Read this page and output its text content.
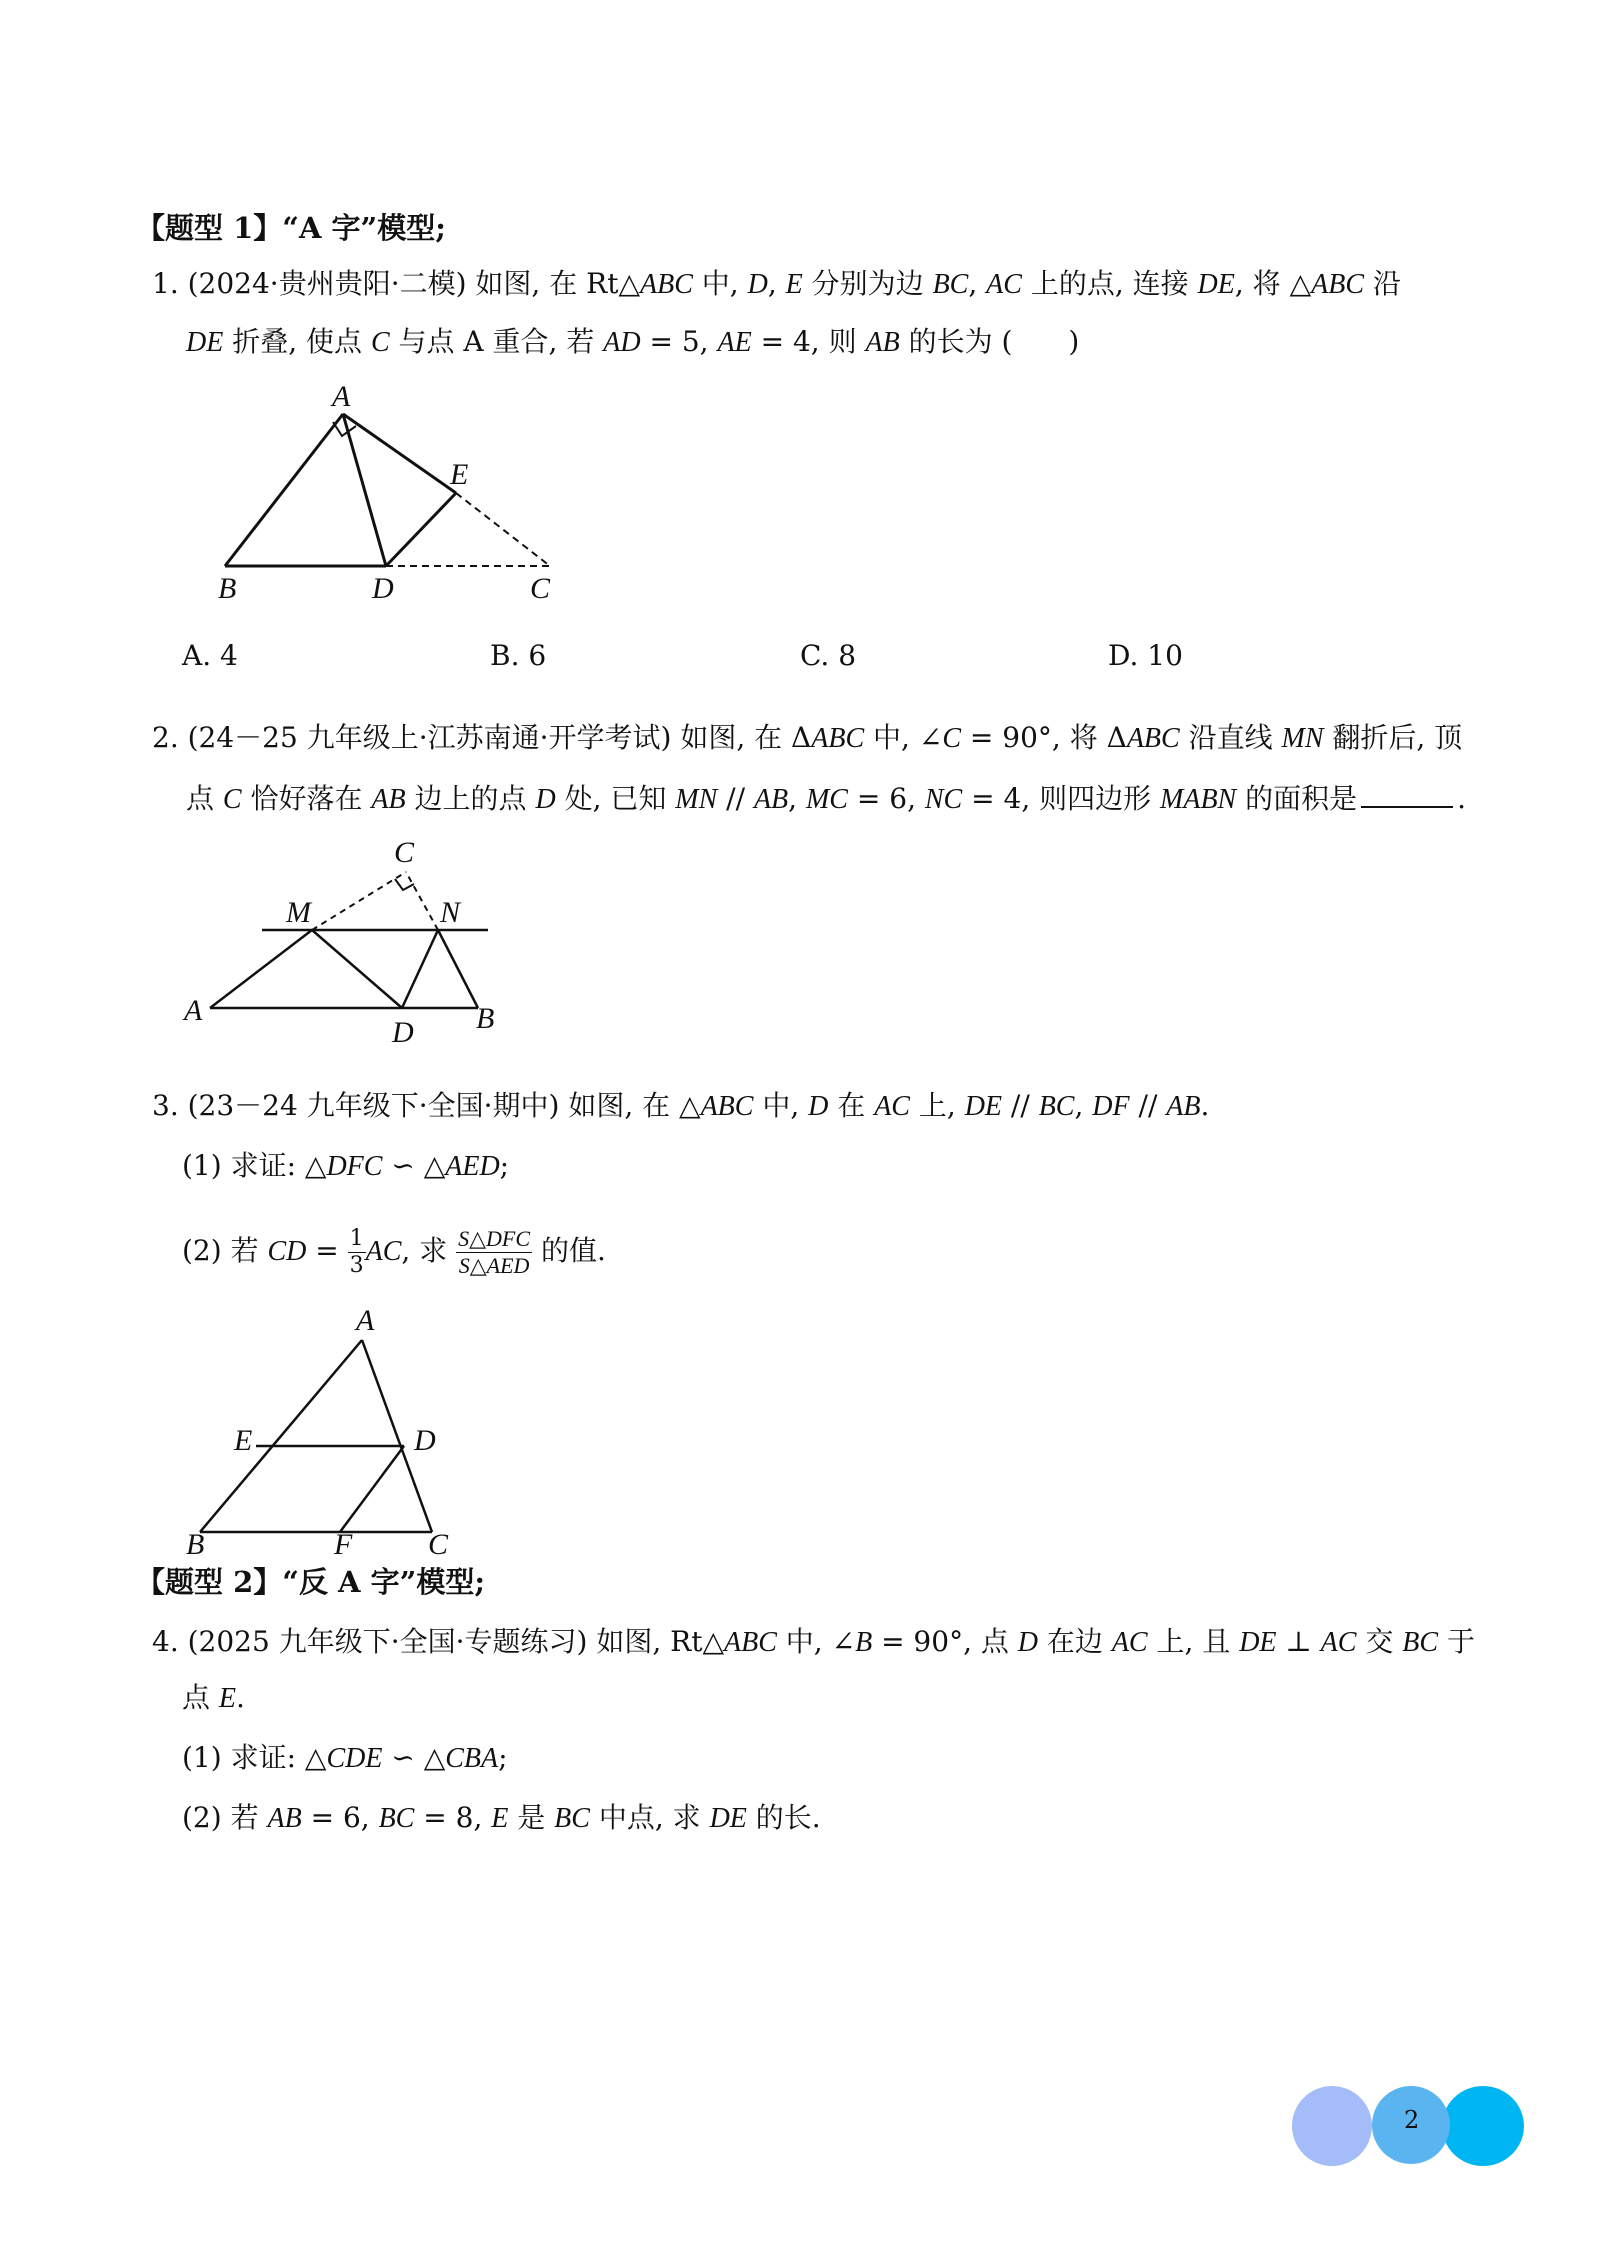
【题型 1】“A 字”模型;
1. (2024·贵州贵阳·二模) 如图, 在 Rt△ABC 中, D, E 分别为边 BC, AC 上的点, 连接 DE, 将 △ABC 沿
DE 折叠, 使点 C 与点 A 重合, 若 AD = 5, AE = 4, 则 AB 的长为 (　　)
A
B	C
D
E
A. 4	B. 6	C. 8	D. 10
2. (24－25 九年级上·江苏南通·开学考试) 如图, 在 ΔABC 中, ∠C = 90°, 将 ΔABC 沿直线 MN 翻折后, 顶
点 C 恰好落在 AB 边上的点 D 处, 已知 MN // AB, MC = 6, NC = 4, 则四边形 MABN 的面积是	.
C
M	N
A	B
D
3. (23－24 九年级下·全国·期中) 如图, 在 △ABC 中, D 在 AC 上, DE // BC, DF // AB.
(1) 求证: △DFC ∽ △AED;
(2) 若 CD = $\frac{1}{3}$ AC, 求 $\frac{\text{S△DFC}}{\text{S△AED}}$ 的值.
A
E	D
B	F	C
【题型 2】“反 A 字”模型;
4. (2025 九年级下·全国·专题练习) 如图, Rt△ABC 中, ∠B = 90°, 点 D 在边 AC 上, 且 DE ⊥ AC 交 BC 于
点 E.
(1) 求证: △CDE ∽ △CBA;
(2) 若 AB = 6, BC = 8, E 是 BC 中点, 求 DE 的长.
2
